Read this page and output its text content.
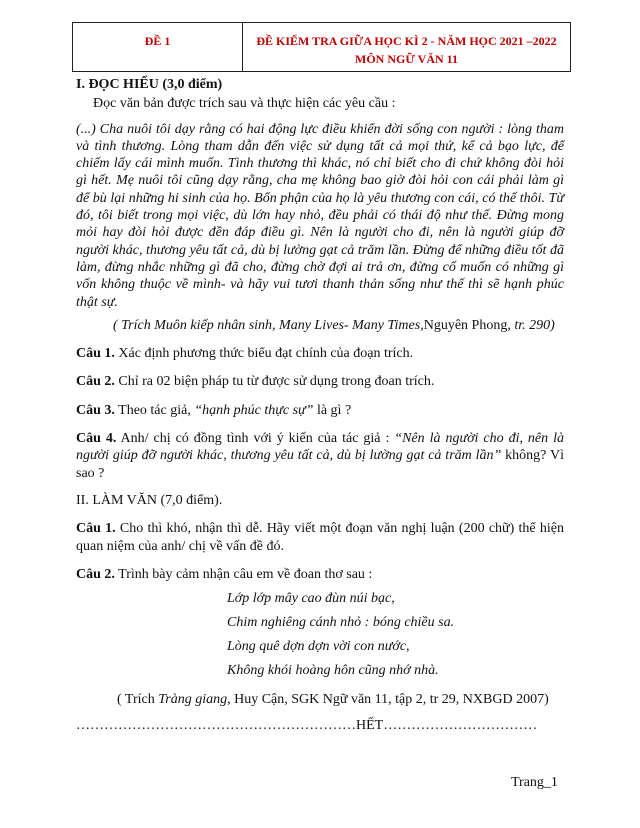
ĐỀ 1	ĐỀ KIỂM TRA GIỮA HỌC KÌ 2 - NĂM HỌC 2021 –2022
MÔN NGỮ VĂN 11

I. ĐỌC HIỂU (3,0 điểm)

Đọc văn bản được trích sau và thực hiện các yêu cầu :

(...) Cha nuôi tôi dạy rằng có hai động lực điều khiển đời sống con người : lòng tham và tình thương. Lòng tham dẫn đến việc sử dụng tất cả mọi thứ, kể cả bạo lực, để chiếm lấy cái mình muốn. Tình thương thì khác, nó chỉ biết cho đi chứ không đòi hỏi gì hết. Mẹ nuôi tôi cũng dạy rằng, cha mẹ không bao giờ đòi hỏi con cái phải làm gì để bù lại những hi sinh của họ. Bổn phận của họ là yêu thương con cái, có thế thôi. Từ đó, tôi biết trong mọi việc, dù lớn hay nhỏ, đều phải có thái độ như thế. Đừng mong mỏi hay đòi hỏi được đền đáp điều gì. Nên là người cho đi, nên là người giúp đỡ người khác, thương yêu tất cả, dù bị lường gạt cả trăm lần. Đừng để những điều tốt đã làm, đừng nhắc những gì đã cho, đừng chờ đợi ai trả ơn, đừng cố muốn có những gì vốn không thuộc về mình- và hãy vui tươi thanh thản sống như thế thì sẽ hạnh phúc thật sự.

( Trích Muôn kiếp nhân sinh, Many Lives- Many Times,Nguyên Phong, tr. 290)

Câu 1. Xác định phương thức biểu đạt chính của đoạn trích.

Câu 2. Chỉ ra 02 biện pháp tu từ được sử dụng trong đoan trích.

Câu 3. Theo tác giả, “hạnh phúc thực sự” là gì ?

Câu 4. Anh/ chị có đồng tình với ý kiến của tác giả : “Nên là người cho đi, nên là người giúp đỡ người khác, thương yêu tất cả, dù bị lường gạt cả trăm lần” không? Vì sao ?

II. LÀM VĂN (7,0 điểm).

Câu 1. Cho thì khó, nhận thì dễ. Hãy viết một đoạn văn nghị luận (200 chữ) thể hiện quan niệm của anh/ chị về vấn đề đó.

Câu 2. Trình bày cảm nhận câu em về đoan thơ sau :

Lớp lớp mây cao đùn núi bạc,
Chim nghiêng cánh nhỏ : bóng chiều sa.
Lòng quê dợn dợn vời con nước,
Không khói hoàng hôn cũng nhớ nhà.

( Trích Tràng giang, Huy Cận, SGK Ngữ văn 11, tập 2, tr 29, NXBGD 2007)

……………………………………………………HẾT……………………………

Trang_1
